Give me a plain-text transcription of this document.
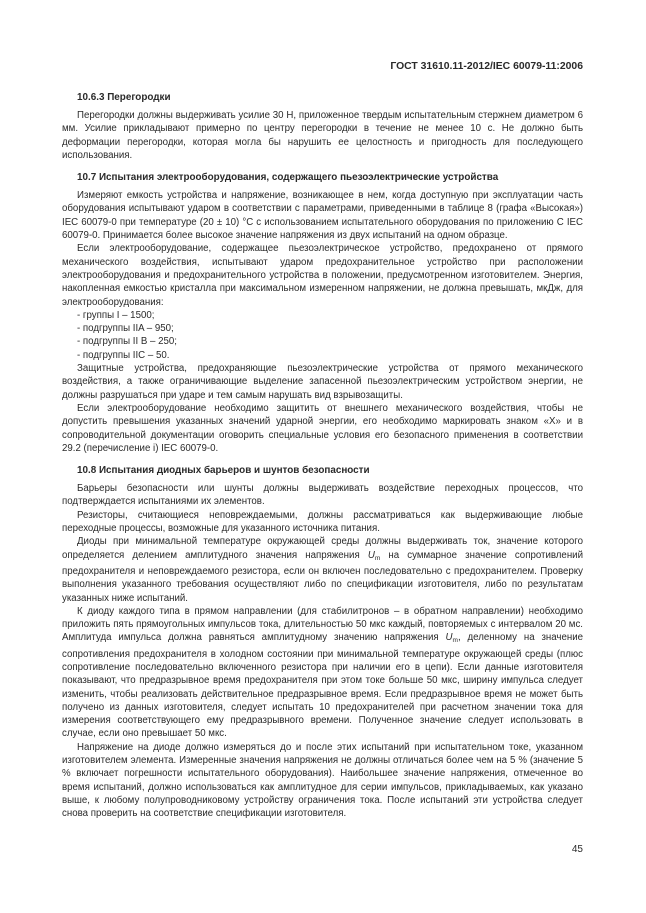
ГОСТ 31610.11-2012/IEC 60079-11:2006
10.6.3 Перегородки

Перегородки должны выдерживать усилие 30 Н, приложенное твердым испытательным стержнем диаметром 6 мм. Усилие прикладывают примерно по центру перегородки в течение не менее 10 с. Не должно быть деформации перегородки, которая могла бы нарушить ее целостность и пригодность для последующего использования.

10.7 Испытания электрооборудования, содержащего пьезоэлектрические устройства

Измеряют емкость устройства и напряжение, возникающее в нем, когда доступную при эксплуатации часть оборудования испытывают ударом в соответствии с параметрами, приведенными в таблице 8 (графа «Высокая») IEC 60079-0 при температуре (20 ± 10) °С с использованием испытательного оборудования по приложению С IEC 60079-0. Принимается более высокое значение напряжения из двух испытаний на одном образце.

Если электрооборудование, содержащее пьезоэлектрическое устройство, предохранено от прямого механического воздействия, испытывают ударом предохранительное устройство при расположении электрооборудования и предохранительного устройства в положении, предусмотренном изготовителем. Энергия, накопленная емкостью кристалла при максимальном измеренном напряжении, не должна превышать, мкДж, для электрооборудования:

- группы I – 1500;

- подгруппы IIA – 950;

- подгруппы II B – 250;

- подгруппы IIC – 50.

Защитные устройства, предохраняющие пьезоэлектрические устройства от прямого механического воздействия, а также ограничивающие выделение запасенной пьезоэлектрическим устройством энергии, не должны разрушаться при ударе и тем самым нарушать вид взрывозащиты.

Если электрооборудование необходимо защитить от внешнего механического воздействия, чтобы не допустить превышения указанных значений ударной энергии, его необходимо маркировать знаком «Х» и в сопроводительной документации оговорить специальные условия его безопасного применения в соответствии 29.2 (перечисление i) IEC 60079-0.

10.8 Испытания диодных барьеров и шунтов безопасности

Барьеры безопасности или шунты должны выдерживать воздействие переходных процессов, что подтверждается испытаниями их элементов.

Резисторы, считающиеся неповреждаемыми, должны рассматриваться как выдерживающие любые переходные процессы, возможные для указанного источника питания.

Диоды при минимальной температуре окружающей среды должны выдерживать ток, значение которого определяется делением амплитудного значения напряжения $U_m$ на суммарное значение сопротивлений предохранителя и неповреждаемого резистора, если он включен последовательно с предохранителем. Проверку выполнения указанного требования осуществляют либо по спецификации изготовителя, либо по результатам указанных ниже испытаний.

К диоду каждого типа в прямом направлении (для стабилитронов – в обратном направлении) необходимо приложить пять прямоугольных импульсов тока, длительностью 50 мкс каждый, повторяемых с интервалом 20 мс. Амплитуда импульса должна равняться амплитудному значению напряжения $U_m$, деленному на значение сопротивления предохранителя в холодном состоянии при минимальной температуре окружающей среды (плюс сопротивление последовательно включенного резистора при наличии его в цепи). Если данные изготовителя показывают, что предразрывное время предохранителя при этом токе больше 50 мкс, ширину импульса следует изменить, чтобы реализовать действительное предразрывное время. Если предразрывное время не может быть получено из данных изготовителя, следует испытать 10 предохранителей при расчетном значении тока для измерения соответствующего ему предразрывного времени. Полученное значение следует использовать в случае, если оно превышает 50 мкс.

Напряжение на диоде должно измеряться до и после этих испытаний при испытательном токе, указанном изготовителем элемента. Измеренные значения напряжения не должны отличаться более чем на 5 % (значение 5 % включает погрешности испытательного оборудования). Наибольшее значение напряжения, отмеченное во время испытаний, должно использоваться как амплитудное для серии импульсов, прикладываемых, как указано выше, к любому полупроводниковому устройству ограничения тока. После испытаний эти устройства следует снова проверить на соответствие спецификации изготовителя.

45
